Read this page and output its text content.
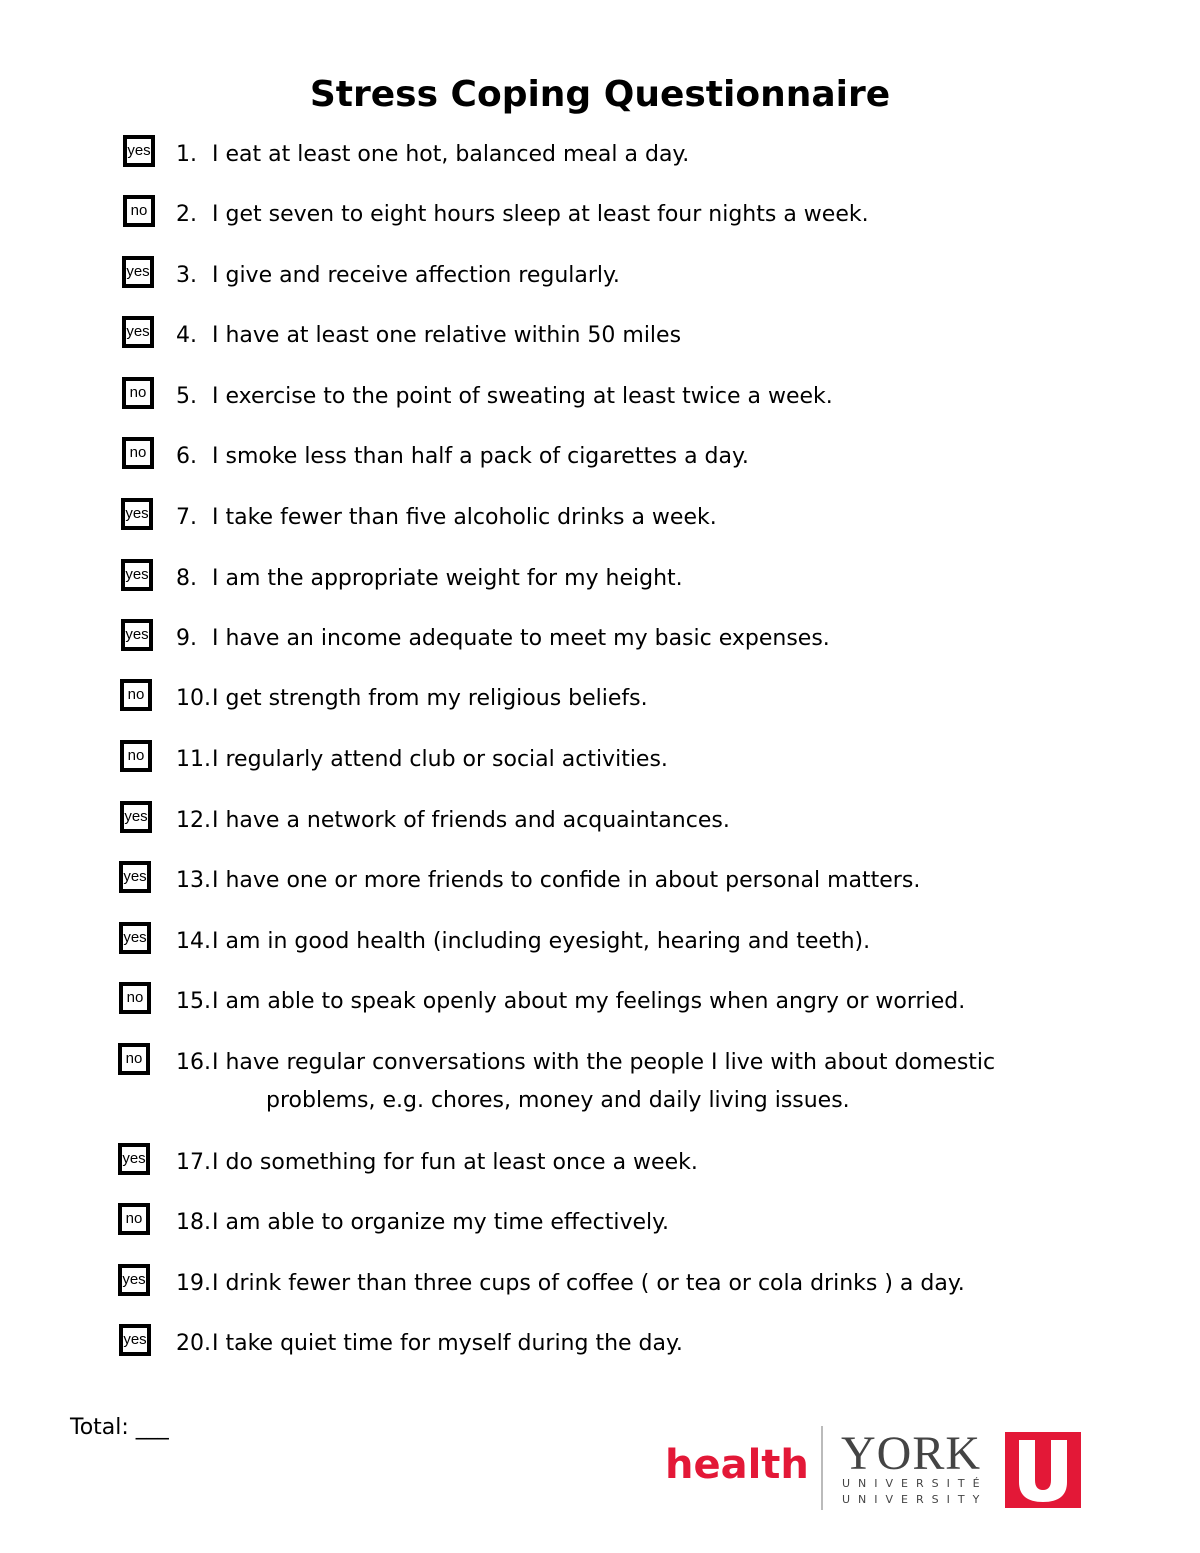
Stress Coping Questionnaire
yes 1. I eat at least one hot, balanced meal a day.
no	2. I get seven to eight hours sleep at least four nights a week.
yes 3. I give and receive affection regularly.
yes 4. I have at least one relative within 50 miles
no	5. I exercise to the point of sweating at least twice a week.
no	6. I smoke less than half a pack of cigarettes a day.
yes 7. I take fewer than five alcoholic drinks a week.
yes 8. I am the appropriate weight for my height.
yes 9. I have an income adequate to meet my basic expenses.
no	10.I get strength from my religious beliefs.
no	11.I regularly attend club or social activities.
yes 12.I have a network of friends and acquaintances.
yes 13.I have one or more friends to confide in about personal matters.
yes 14.I am in good health (including eyesight, hearing and teeth).
no	15.I am able to speak openly about my feelings when angry or worried.
no	16.I have regular conversations with the people I live with about domestic
problems, e.g. chores, money and daily living issues.
yes 17.I do something for fun at least once a week.
no	18.I am able to organize my time effectively.
yes 19.I drink fewer than three cups of coffee ( or tea or cola drinks ) a day.
yes 20.I take quiet time for myself during the day.
Total: ___
health YORK
UNIVERSITÉ
UNIVERSITY
